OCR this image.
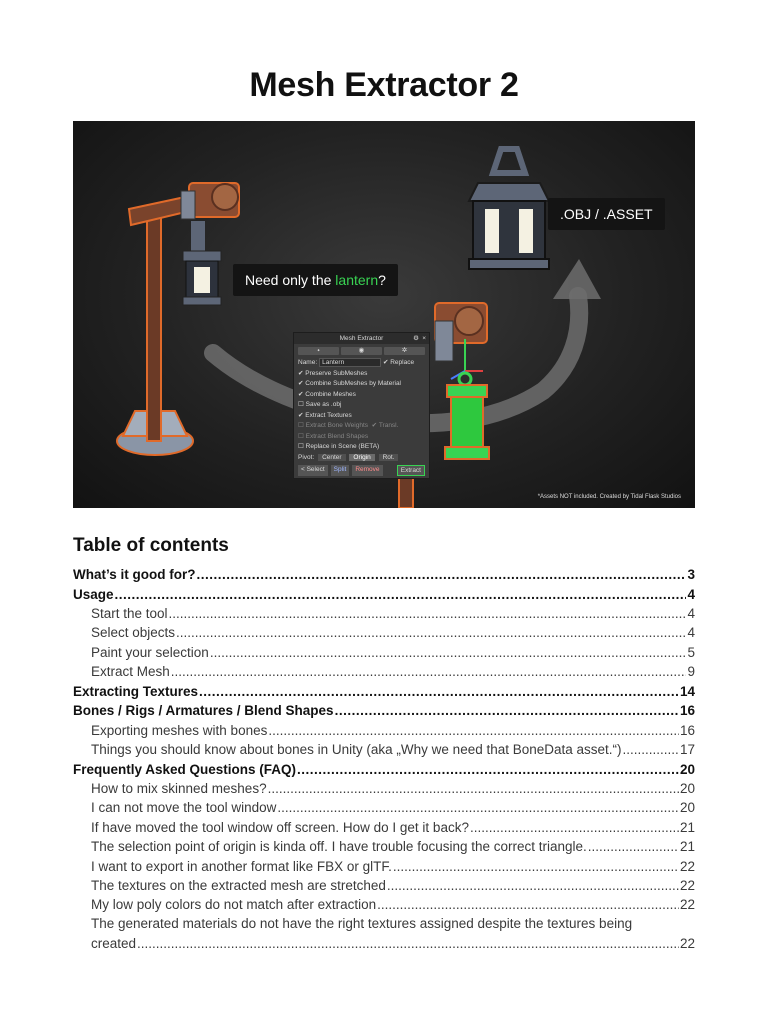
Mesh Extractor 2
Need only the lantern?
.OBJ / .ASSET
Mesh Extractor	⚙ ×
⬩	◉	✲
Name: Lantern	✔ Replace
✔ Preserve SubMeshes
✔ Combine SubMeshes by Material
✔ Combine Meshes
☐ Save as .obj
✔ Extract Textures
☐ Extract Bone Weights ✔ Transl.
☐ Extract Blend Shapes
☐ Replace in Scene (BETA)
Pivot: Center Origin Rot.
< Select	Split	Remove	Extract
*Assets NOT included. Created by Tidal Flask Studios
Table of contents
What’s it good for? .....	3
Usage .....	4
Start the tool .....	4
Select objects .....	4
Paint your selection .....	5
Extract Mesh .....	9
Extracting Textures .....	14
Bones / Rigs / Armatures / Blend Shapes .....	16
Exporting meshes with bones .....	16
Things you should know about bones in Unity (aka „Why we need that BoneData asset.“) .....	17
Frequently Asked Questions (FAQ) .....	20
How to mix skinned meshes? .....	20
I can not move the tool window .....	20
If have moved the tool window off screen. How do I get it back? .....	21
The selection point of origin is kinda off. I have trouble focusing the correct triangle. .....	21
I want to export in another format like FBX or glTF. .....	22
The textures on the extracted mesh are stretched .....	22
My low poly colors do not match after extraction .....	22
The generated materials do not have the right textures assigned despite the textures being
created .....	22
